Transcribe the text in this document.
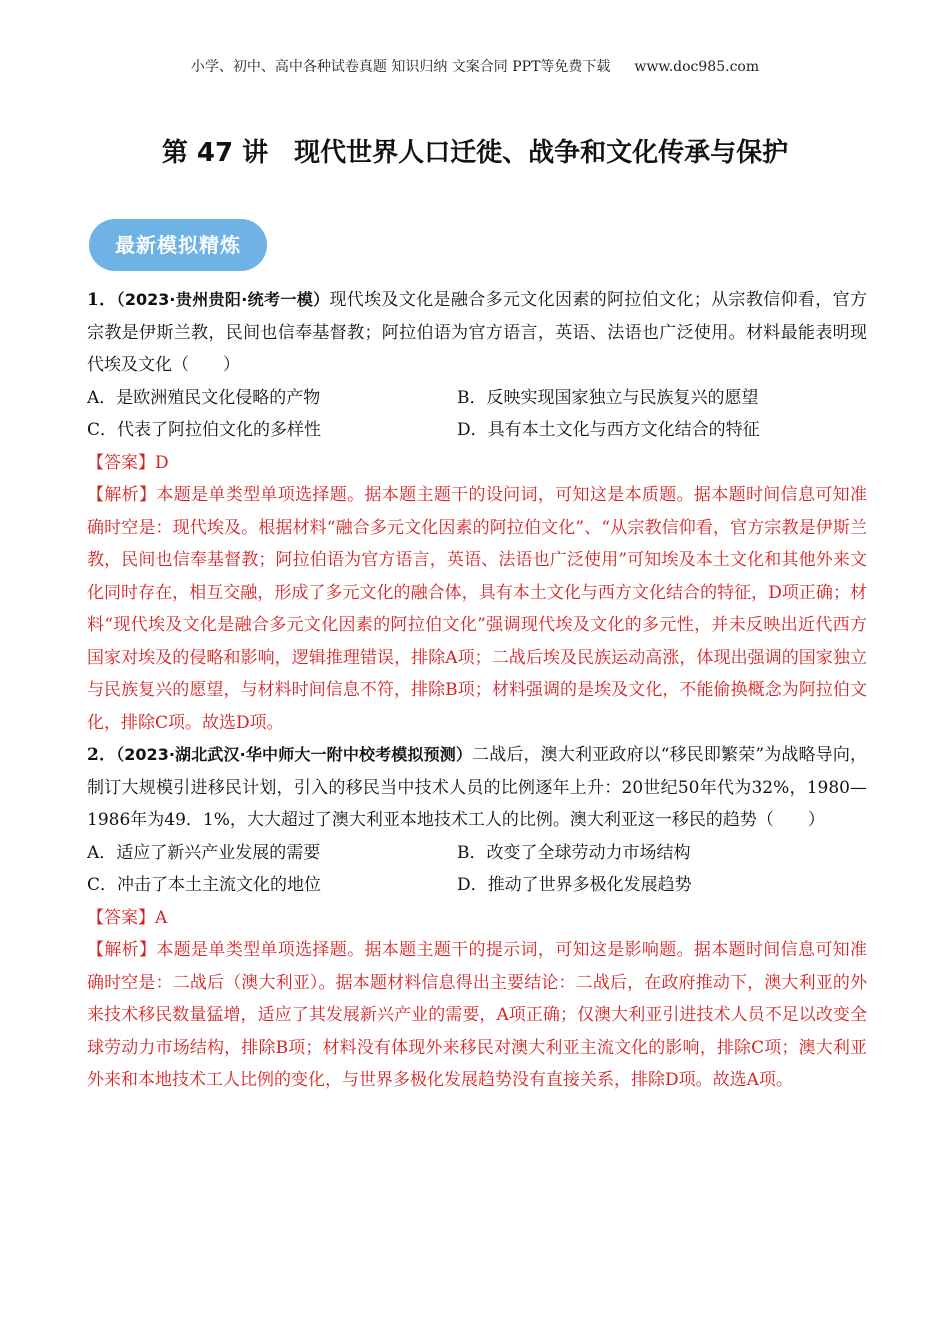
小学、初中、高中各种试卷真题 知识归纳 文案合同 PPT等免费下载 www.doc985.com
第 47 讲　现代世界人口迁徙、战争和文化传承与保护
最新模拟精炼

1．（2023·贵州贵阳·统考一模）现代埃及文化是融合多元文化因素的阿拉伯文化；从宗教信仰看，官方宗教是伊斯兰教，民间也信奉基督教；阿拉伯语为官方语言，英语、法语也广泛使用。材料最能表明现代埃及文化（　　）

A．是欧洲殖民文化侵略的产物	B．反映实现国家独立与民族复兴的愿望
C．代表了阿拉伯文化的多样性	D．具有本土文化与西方文化结合的特征

【答案】D

【解析】本题是单类型单项选择题。据本题主题干的设问词，可知这是本质题。据本题时间信息可知准确时空是：现代埃及。根据材料“融合多元文化因素的阿拉伯文化”、“从宗教信仰看，官方宗教是伊斯兰教，民间也信奉基督教；阿拉伯语为官方语言，英语、法语也广泛使用”可知埃及本土文化和其他外来文化同时存在，相互交融，形成了多元文化的融合体，具有本土文化与西方文化结合的特征，D项正确；材料“现代埃及文化是融合多元文化因素的阿拉伯文化”强调现代埃及文化的多元性，并未反映出近代西方国家对埃及的侵略和影响，逻辑推理错误，排除A项；二战后埃及民族运动高涨，体现出强调的国家独立与民族复兴的愿望，与材料时间信息不符，排除B项；材料强调的是埃及文化，不能偷换概念为阿拉伯文化，排除C项。故选D项。

2．（2023·湖北武汉·华中师大一附中校考模拟预测）二战后，澳大利亚政府以“移民即繁荣”为战略导向，制订大规模引进移民计划，引入的移民当中技术人员的比例逐年上升：20世纪50年代为32%，1980—1986年为49．1%，大大超过了澳大利亚本地技术工人的比例。澳大利亚这一移民的趋势（　　）

A．适应了新兴产业发展的需要	B．改变了全球劳动力市场结构
C．冲击了本土主流文化的地位	D．推动了世界多极化发展趋势

【答案】A

【解析】本题是单类型单项选择题。据本题主题干的提示词，可知这是影响题。据本题时间信息可知准确时空是：二战后（澳大利亚）。据本题材料信息得出主要结论：二战后，在政府推动下，澳大利亚的外来技术移民数量猛增，适应了其发展新兴产业的需要，A项正确；仅澳大利亚引进技术人员不足以改变全球劳动力市场结构，排除B项；材料没有体现外来移民对澳大利亚主流文化的影响，排除C项；澳大利亚外来和本地技术工人比例的变化，与世界多极化发展趋势没有直接关系，排除D项。故选A项。
